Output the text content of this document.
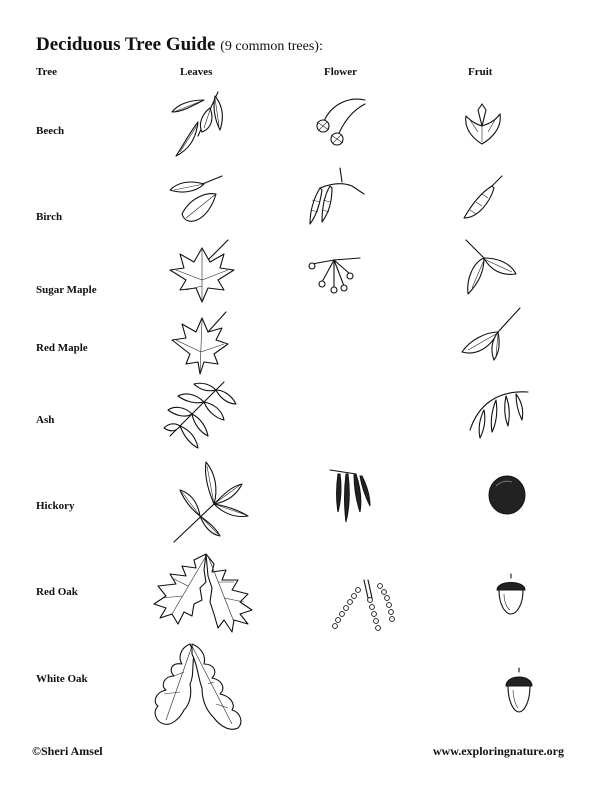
Deciduous Tree Guide (9 common trees):
Tree	Leaves	Flower	Fruit
Beech
Birch
Sugar Maple
Red Maple
Ash
Hickory
Red Oak
White Oak
©Sheri Amsel	www.exploringnature.org
